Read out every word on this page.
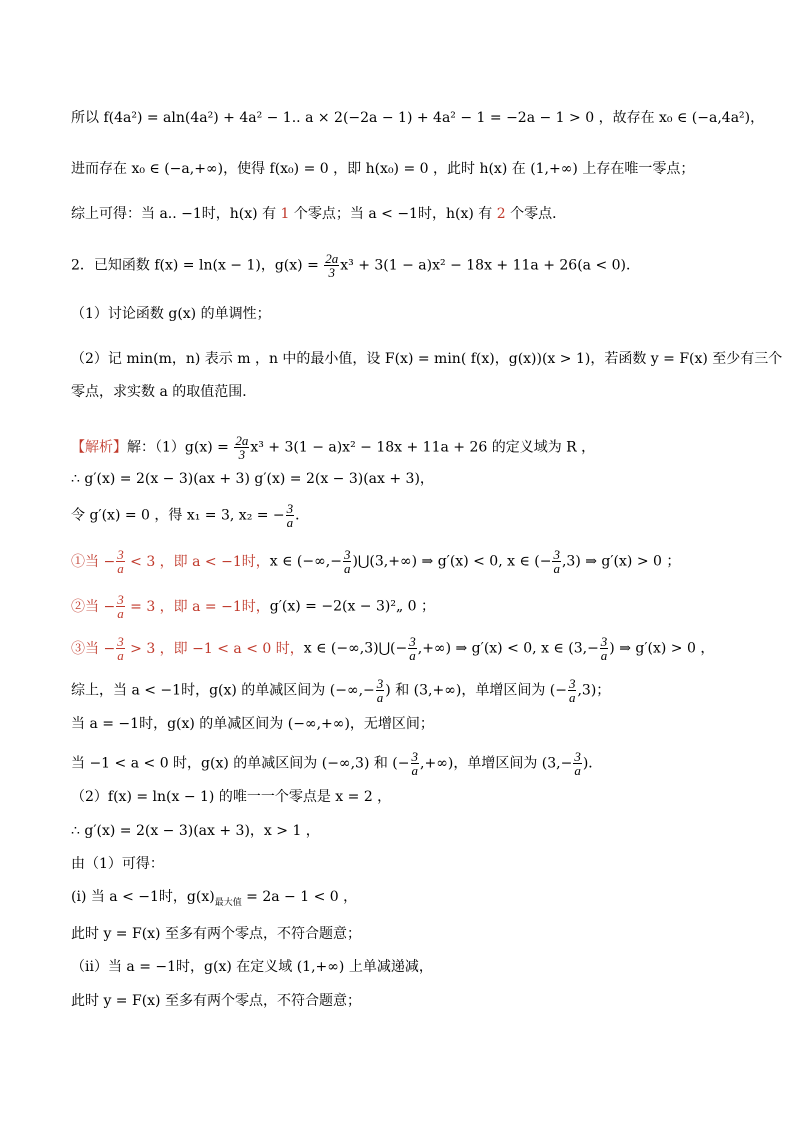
所以 f(4a²) = aln(4a²) + 4a² − 1.. a × 2(−2a − 1) + 4a² − 1 = −2a − 1 > 0 ，故存在 x₀ ∈ (−a,4a²)，
进而存在 x₀ ∈ (−a,+∞)，使得 f(x₀) = 0 ，即 h(x₀) = 0 ，此时 h(x) 在 (1,+∞) 上存在唯一零点；
综上可得：当 a.. −1时，h(x) 有 1 个零点；当 a < −1时，h(x) 有 2 个零点．
2．已知函数 f(x) = ln(x − 1)，$g(x) = \frac{2a}{3} x^3 + 3(1 - a)x^2 - 18x + 11a + 26(a < 0)$．
（1）讨论函数 g(x) 的单调性；
（2）记 min(m，n) 表示 m ，n 中的最小值，设 F(x) = min( f(x)，g(x))(x > 1)，若函数 y = F(x) 至少有三个
零点，求实数 a 的取值范围．
【解析】解：$(1)g(x) = \frac{2a}{3} x^3 + 3(1 - a)x^2 - 18x + 11a + 26$ 的定义域为 R ，
∴ g′(x) = 2(x − 3)(ax + 3) g′(x) = 2(x − 3)(ax + 3)，
令 g′(x) = 0 ，得 x₁ = 3, x₂ = − $\frac{3}{a}$ ．
①当 − $\frac{3}{a} < 3$ ，即 a < −1时，x ∈ (−∞,− $\frac{3}{a}$ )⋃(3,+∞) ⇒ g′(x) < 0, x ∈ (− $\frac{3}{a} ,3$) ⇒ g′(x) > 0 ；
②当 − $\frac{3}{a} = 3$ ，即 a = −1时，g′(x) = −2(x − 3)²„ 0 ；
③当 − $\frac{3}{a} > 3$ ，即 −1 < a < 0 时，x ∈ (−∞,3)⋃(− $\frac{3}{a}$ ,+∞) ⇒ g′(x) < 0, x ∈ ($3,- \frac{3}{a}$ ) ⇒ g′(x) > 0 ，
综上，当 a < −1时，g(x) 的单减区间为 (−∞,− $\frac{3}{a}$ ) 和 (3,+∞)，单增区间为 (− $\frac{3}{a} ,3$)；
当 a = −1时，g(x) 的单减区间为 (−∞,+∞)，无增区间；
当 −1 < a < 0 时，g(x) 的单减区间为 (−∞,3) 和 (− $\frac{3}{a}$ ,+∞)，单增区间为 ($3,- \frac{3}{a}$ )．
（2）f(x) = ln(x − 1) 的唯一一个零点是 x = 2 ，
∴ g′(x) = 2(x − 3)(ax + 3)，x > 1 ，
由（1）可得：
(i) 当 a < −1时，$g(x)_{最大值} = 2a - 1 < 0$ ，
此时 y = F(x) 至多有两个零点，不符合题意；
（ⅱ）当 a = −1时，g(x) 在定义域 (1,+∞) 上单减递减，
此时 y = F(x) 至多有两个零点，不符合题意；
